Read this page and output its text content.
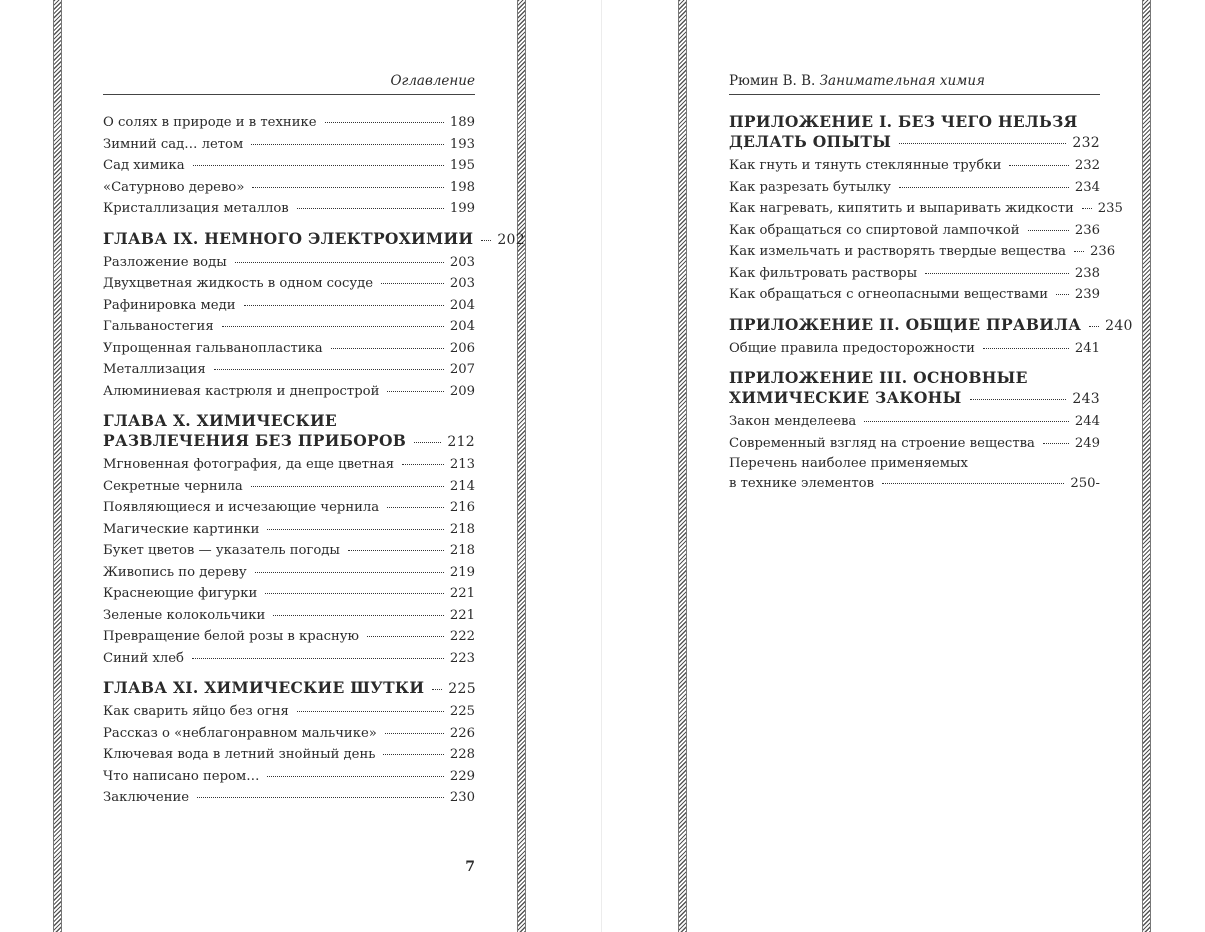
Оглавление
О солях в природе и в технике	189
Зимний сад… летом	193
Сад химика	195
«Сатурново дерево»	198
Кристаллизация металлов	199
ГЛАВА IX. НЕМНОГО ЭЛЕКТРОХИМИИ 202
Разложение воды	203
Двухцветная жидкость в одном сосуде	203
Рафинировка меди	204
Гальваностегия	204
Упрощенная гальванопластика	206
Металлизация	207
Алюминиевая кастрюля и днепрострой	209
ГЛАВА X. ХИМИЧЕСКИЕ
РАЗВЛЕЧЕНИЯ БЕЗ ПРИБОРОВ	212
Мгновенная фотография, да еще цветная	213
Секретные чернила	214
Появляющиеся и исчезающие чернила	216
Магические картинки	218
Букет цветов — указатель погоды	218
Живопись по дереву	219
Краснеющие фигурки	221
Зеленые колокольчики	221
Превращение белой розы в красную	222
Синий хлеб	223
ГЛАВА XI. ХИМИЧЕСКИЕ ШУТКИ 225
Как сварить яйцо без огня	225
Рассказ о «неблагонравном мальчике»	226
Ключевая вода в летний знойный день	228
Что написано пером…	229
Заключение	230
7
Рюмин В. В. Занимательная химия
ПРИЛОЖЕНИЕ I. БЕЗ ЧЕГО НЕЛЬЗЯ
ДЕЛАТЬ ОПЫТЫ	232
Как гнуть и тянуть стеклянные трубки	232
Как разрезать бутылку	234
Как нагревать, кипятить и выпаривать жидкости 235
Как обращаться со спиртовой лампочкой	236
Как измельчать и растворять твердые вещества 236
Как фильтровать растворы	238
Как обращаться с огнеопасными веществами 239
ПРИЛОЖЕНИЕ II. ОБЩИЕ ПРАВИЛА 240
Общие правила предосторожности	241
ПРИЛОЖЕНИЕ III. ОСНОВНЫЕ
ХИМИЧЕСКИЕ ЗАКОНЫ	243
Закон менделеева	244
Современный взгляд на строение вещества	249
Перечень наиболее применяемых
в технике элементов	250-
